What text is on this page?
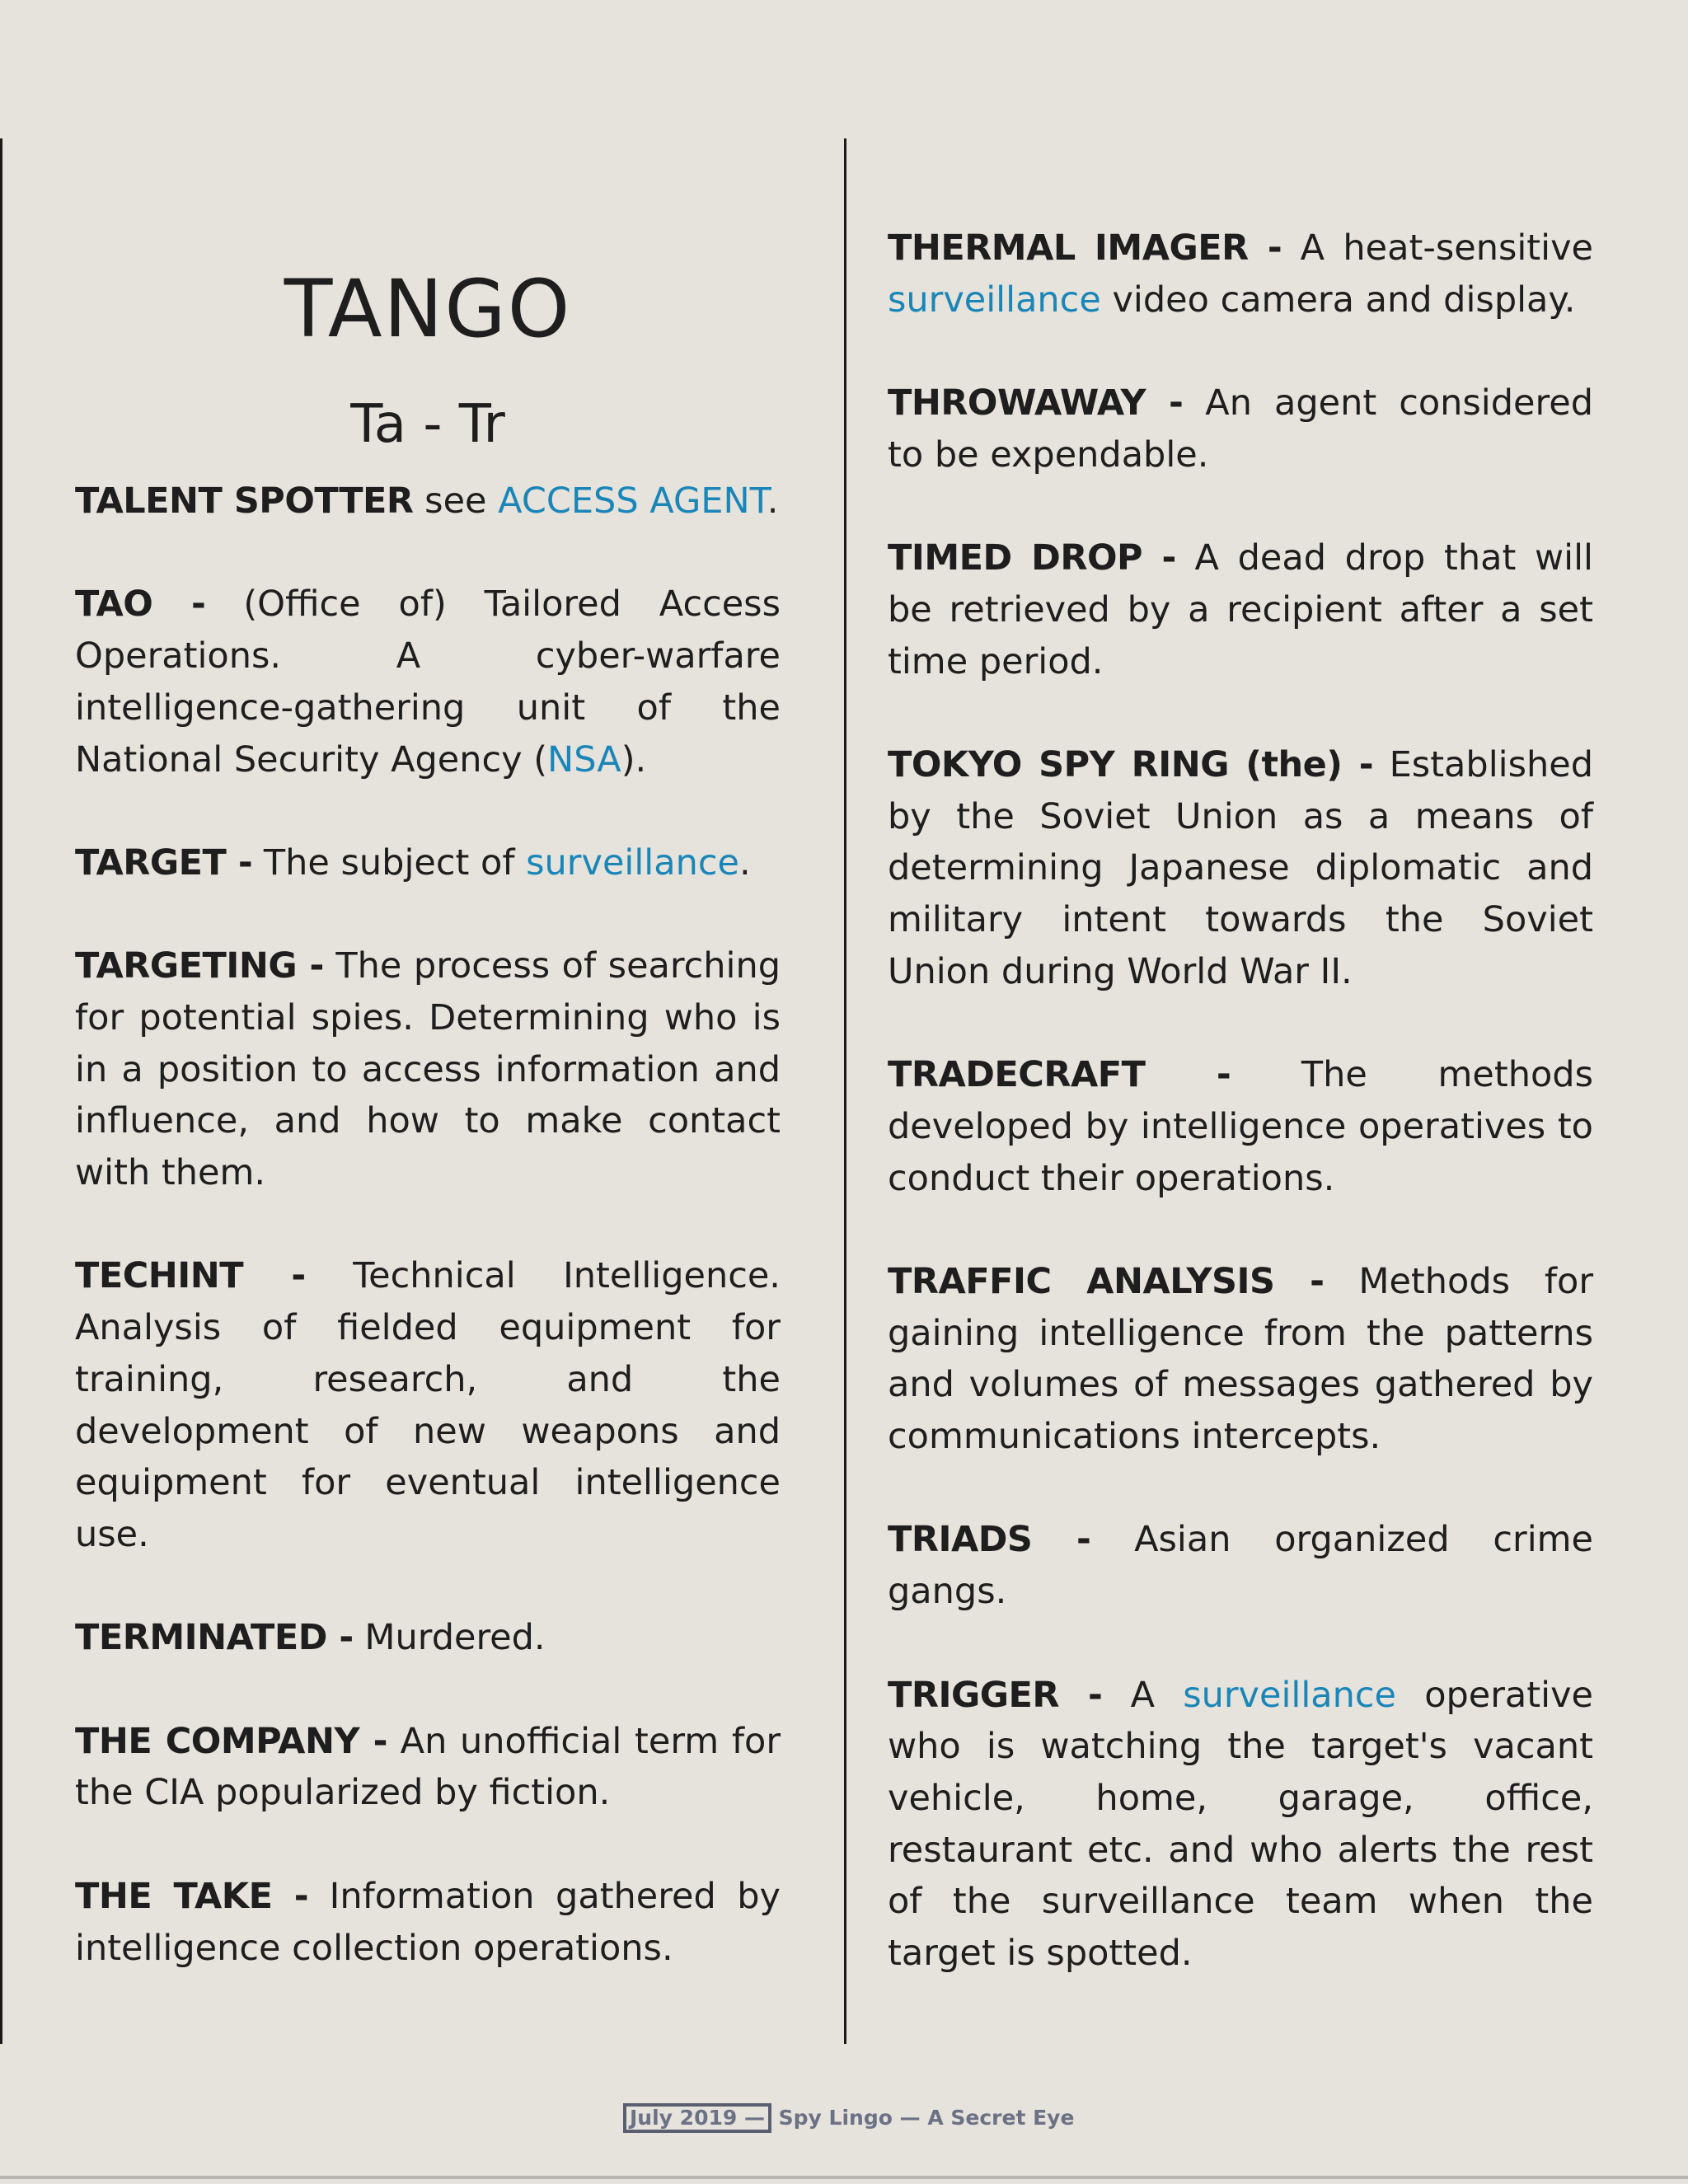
TANGO
Ta - Tr

TALENT SPOTTER see ACCESS AGENT.

TAO - (Office of) Tailored Access Operations. A cyber-warfare intelligence-gathering unit of the National Security Agency (NSA).

TARGET - The subject of surveillance.

TARGETING - The process of searching for potential spies. Determining who is in a position to access information and influence, and how to make contact with them.

TECHINT - Technical Intelligence. Analysis of fielded equipment for training, research, and the development of new weapons and equipment for eventual intelligence use.

TERMINATED - Murdered.

THE COMPANY - An unofficial term for the CIA popularized by fiction.

THE TAKE - Information gathered by intelligence collection operations.

THERMAL IMAGER - A heat-sensitive surveillance video camera and display.

THROWAWAY - An agent considered to be expendable.

TIMED DROP - A dead drop that will be retrieved by a recipient after a set time period.

TOKYO SPY RING (the) - Established by the Soviet Union as a means of determining Japanese diplomatic and military intent towards the Soviet Union during World War II.

TRADECRAFT - The methods developed by intelligence operatives to conduct their operations.

TRAFFIC ANALYSIS - Methods for gaining intelligence from the patterns and volumes of messages gathered by communications intercepts.

TRIADS - Asian organized crime gangs.

TRIGGER - A surveillance operative who is watching the target's vacant vehicle, home, garage, office, restaurant etc. and who alerts the rest of the surveillance team when the target is spotted.

July 2019 — Spy Lingo — A Secret Eye
